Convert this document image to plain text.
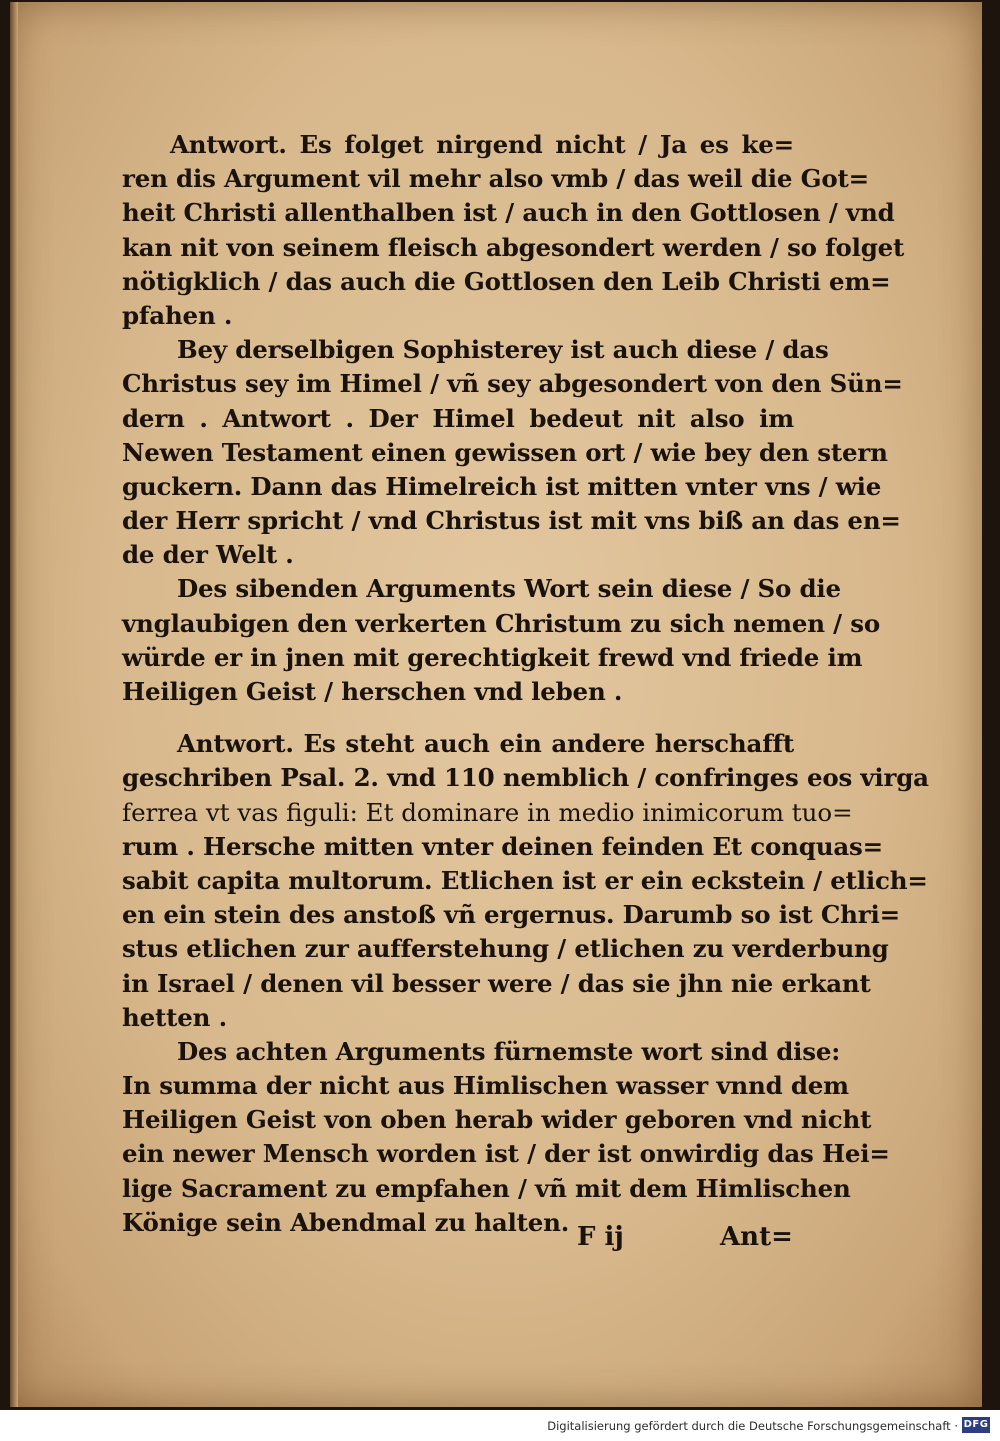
Antwort. Es folget nirgend nicht / Ja es ke=
ren dis Argument vil mehr also vmb / das weil die Got=
heit Christi allenthalben ist / auch in den Gottlosen / vnd
kan nit von seinem fleisch abgesondert werden / so folget
nötigklich / das auch die Gottlosen den Leib Christi em=
pfahen .
Bey derselbigen Sophisterey ist auch diese / das
Christus sey im Himel / vñ sey abgesondert von den Sün=
dern . Antwort . Der Himel bedeut nit also im
Newen Testament einen gewissen ort / wie bey den stern
guckern. Dann das Himelreich ist mitten vnter vns / wie
der Herr spricht / vnd Christus ist mit vns biß an das en=
de der Welt .
Des sibenden Arguments Wort sein diese / So die
vnglaubigen den verkerten Christum zu sich nemen / so
würde er in jnen mit gerechtigkeit frewd vnd friede im
Heiligen Geist / herschen vnd leben .
Antwort. Es steht auch ein andere herschafft
geschriben Psal. 2. vnd 110 nemblich / confringes eos virga
ferrea vt vas figuli: Et dominare in medio inimicorum tuo=
rum . Hersche mitten vnter deinen feinden Et conquas=
sabit capita multorum. Etlichen ist er ein eckstein / etlich=
en ein stein des anstoß vñ ergernus. Darumb so ist Chri=
stus etlichen zur aufferstehung / etlichen zu verderbung
in Israel / denen vil besser were / das sie jhn nie erkant
hetten .
Des achten Arguments fürnemste wort sind dise:
In summa der nicht aus Himlischen wasser vnnd dem
Heiligen Geist von oben herab wider geboren vnd nicht
ein newer Mensch worden ist / der ist onwirdig das Hei=
lige Sacrament zu empfahen / vñ mit dem Himlischen
Könige sein Abendmal zu halten. F ij	Ant=
Digitalisierung gefördert durch die Deutsche Forschungsgemeinschaft · DFG
